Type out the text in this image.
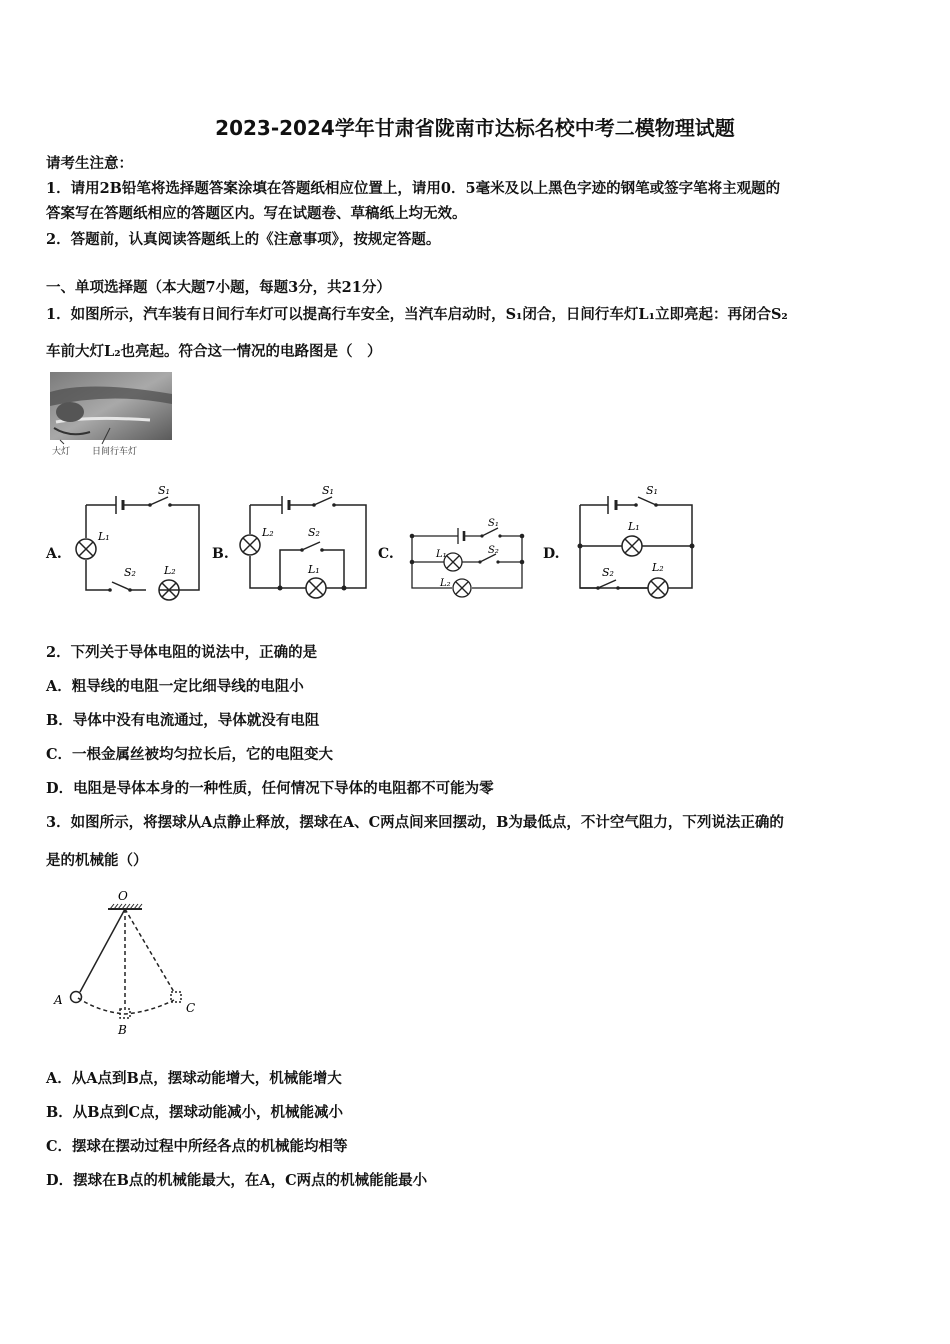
2023-2024学年甘肃省陇南市达标名校中考二模物理试题
请考生注意：
1．请用2B铅笔将选择题答案涂填在答题纸相应位置上，请用0．5毫米及以上黑色字迹的钢笔或签字笔将主观题的
答案写在答题纸相应的答题区内。写在试题卷、草稿纸上均无效。
2．答题前，认真阅读答题纸上的《注意事项》，按规定答题。
一、单项选择题（本大题7小题，每题3分，共21分）
1．如图所示，汽车装有日间行车灯可以提高行车安全，当汽车启动时，S₁闭合，日间行车灯L₁立即亮起：再闭合S₂
车前大灯L₂也亮起。符合这一情况的电路图是（　）
大灯 日间行车灯
A.	B.	C.	D.
S₁
L₁
S₂	L₂
S₁
L₂	S₂
L₁
S₁
S₂
L₁
L₂
S₁
L₁
S₂	L₂
2．下列关于导体电阻的说法中，正确的是
A．粗导线的电阻一定比细导线的电阻小
B．导体中没有电流通过，导体就没有电阻
C．一根金属丝被均匀拉长后，它的电阻变大
D．电阻是导体本身的一种性质，任何情况下导体的电阻都不可能为零
3．如图所示，将摆球从A点静止释放，摆球在A、C两点间来回摆动，B为最低点，不计空气阻力，下列说法正确的
是的机械能（）
O
A
B
C
A．从A点到B点，摆球动能增大，机械能增大
B．从B点到C点，摆球动能减小，机械能减小
C．摆球在摆动过程中所经各点的机械能均相等
D．摆球在B点的机械能最大，在A，C两点的机械能能最小
